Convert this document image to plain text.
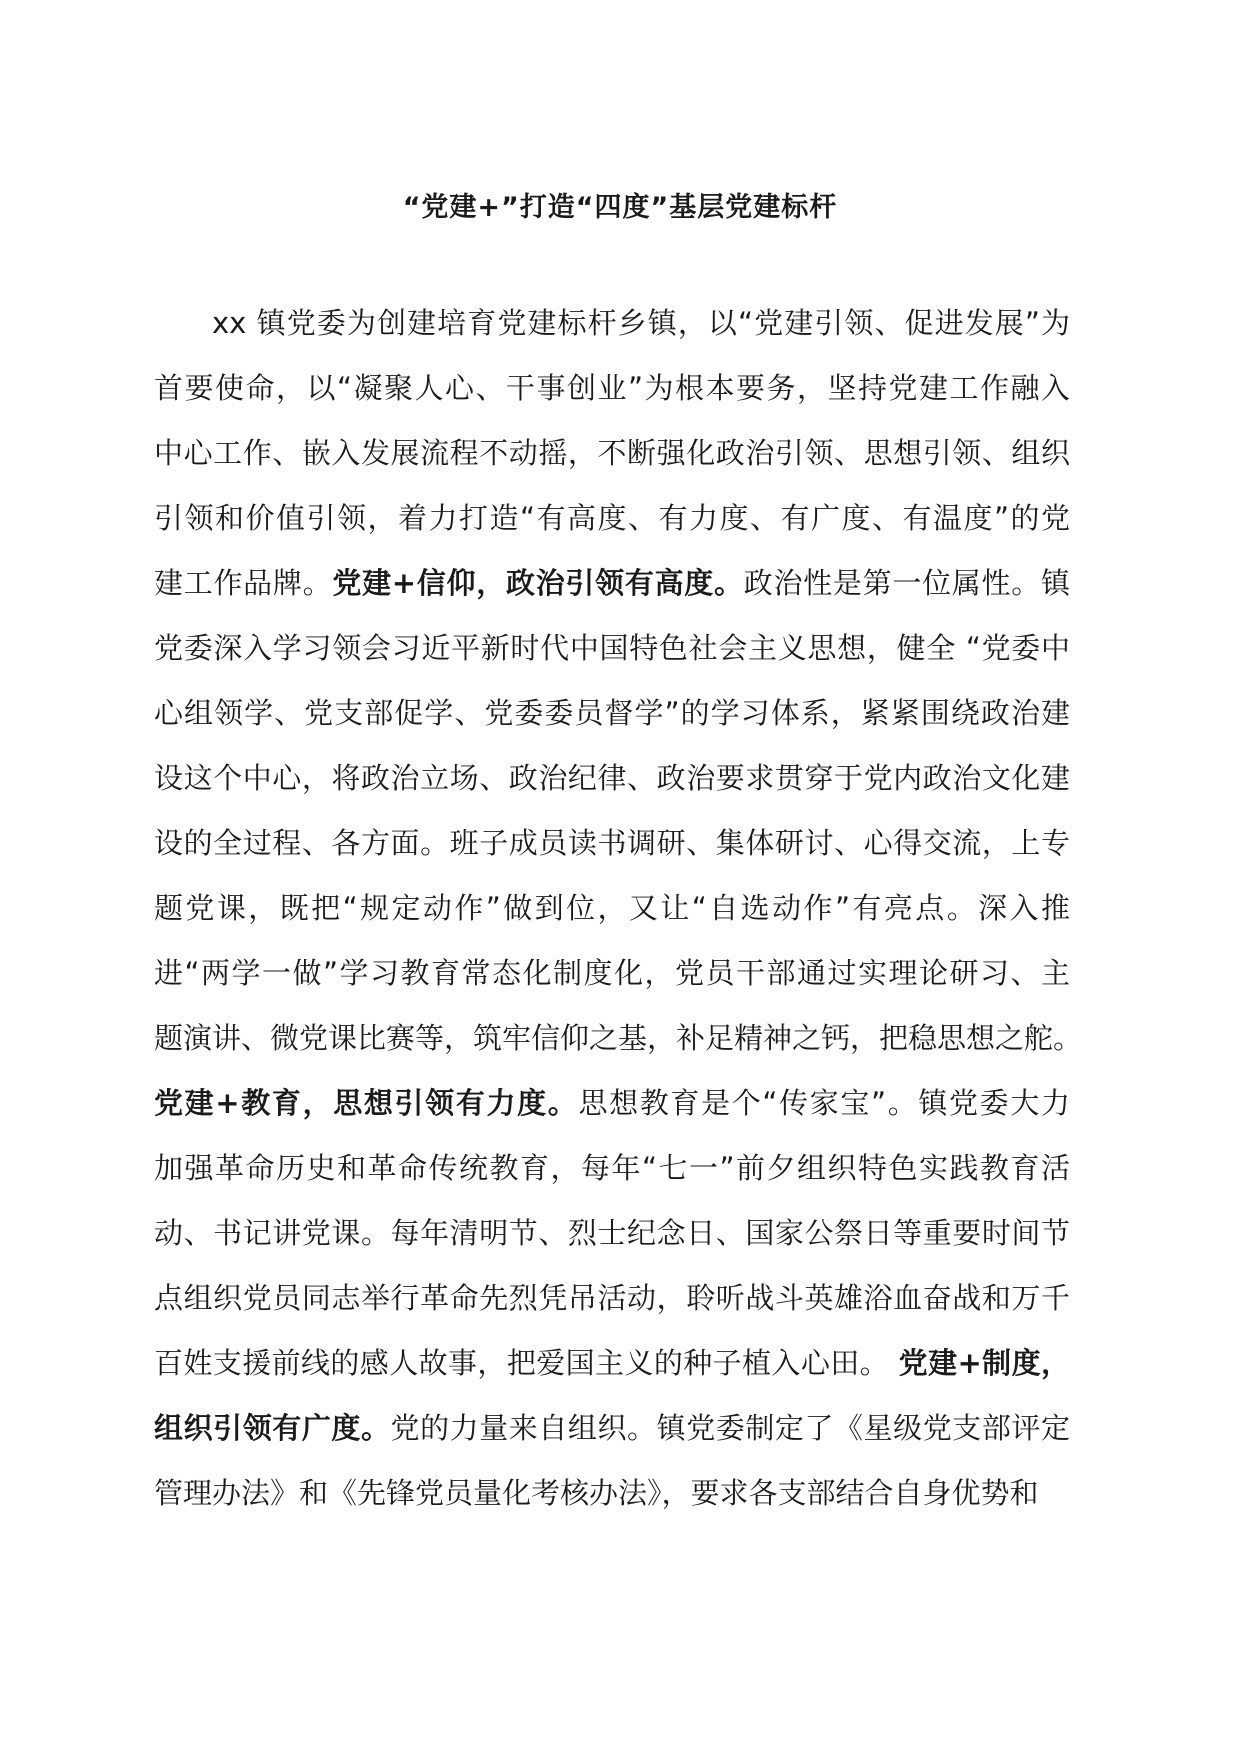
“党建+”打造“四度”基层党建标杆
xx 镇党委为创建培育党建标杆乡镇，以“党建引领、促进发展”为
首要使命，以“凝聚人心、干事创业”为根本要务，坚持党建工作融入
中心工作、嵌入发展流程不动摇，不断强化政治引领、思想引领、组织
引领和价值引领，着力打造“有高度、有力度、有广度、有温度”的党
建工作品牌。党建+信仰，政治引领有高度。政治性是第一位属性。镇
党委深入学习领会习近平新时代中国特色社会主义思想，健全 “党委中
心组领学、党支部促学、党委委员督学”的学习体系，紧紧围绕政治建
设这个中心，将政治立场、政治纪律、政治要求贯穿于党内政治文化建
设的全过程、各方面。班子成员读书调研、集体研讨、心得交流，上专
题党课，既把“规定动作”做到位，又让“自选动作”有亮点。深入推
进“两学一做”学习教育常态化制度化，党员干部通过实理论研习、主
题演讲、微党课比赛等，筑牢信仰之基，补足精神之钙，把稳思想之舵。
党建+教育，思想引领有力度。思想教育是个“传家宝”。镇党委大力
加强革命历史和革命传统教育，每年“七一”前夕组织特色实践教育活
动、书记讲党课。每年清明节、烈士纪念日、国家公祭日等重要时间节
点组织党员同志举行革命先烈凭吊活动，聆听战斗英雄浴血奋战和万千
百姓支援前线的感人故事，把爱国主义的种子植入心田。 党建+制度，
组织引领有广度。党的力量来自组织。镇党委制定了《星级党支部评定
管理办法》和《先锋党员量化考核办法》，要求各支部结合自身优势和
